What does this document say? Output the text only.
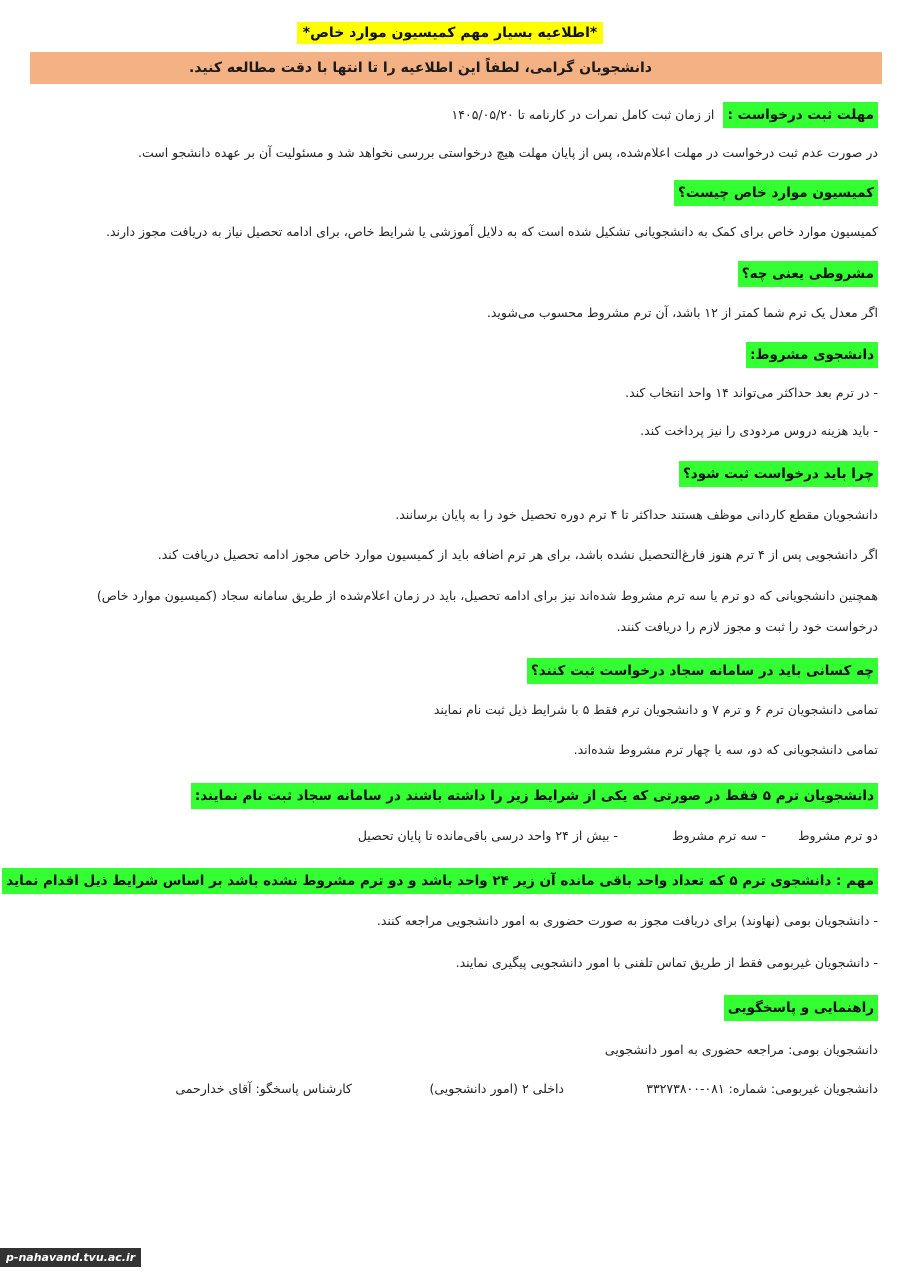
*اطلاعیه بسیار مهم کمیسیون موارد خاص*
دانشجویان گرامی، لطفاً این اطلاعیه را تا انتها با دقت مطالعه کنید.
مهلت ثبت درخواست : از زمان ثبت کامل نمرات در کارنامه تا ۱۴۰۵/۰۵/۲۰
در صورت عدم ثبت درخواست در مهلت اعلام‌شده، پس از پایان مهلت هیچ درخواستی بررسی نخواهد شد و مسئولیت آن بر عهده دانشجو است.
کمیسیون موارد خاص چیست؟
کمیسیون موارد خاص برای کمک به دانشجویانی تشکیل شده است که به دلایل آموزشی یا شرایط خاص، برای ادامه تحصیل نیاز به دریافت مجوز دارند.
مشروطی یعنی چه؟
اگر معدل یک ترم شما کمتر از ۱۲ باشد، آن ترم مشروط محسوب می‌شوید.
دانشجوی مشروط:
- در ترم بعد حداکثر می‌تواند ۱۴ واحد انتخاب کند.
- باید هزینه دروس مردودی را نیز پرداخت کند.
چرا باید درخواست ثبت شود؟
دانشجویان مقطع کاردانی موظف هستند حداکثر تا ۴ ترم دوره تحصیل خود را به پایان برسانند.
اگر دانشجویی پس از ۴ ترم هنوز فارغ‌التحصیل نشده باشد، برای هر ترم اضافه باید از کمیسیون موارد خاص مجوز ادامه تحصیل دریافت کند.
همچنین دانشجویانی که دو ترم یا سه ترم مشروط شده‌اند نیز برای ادامه تحصیل، باید در زمان اعلام‌شده از طریق سامانه سجاد (کمیسیون موارد خاص)
درخواست خود را ثبت و مجوز لازم را دریافت کنند.
چه کسانی باید در سامانه سجاد درخواست ثبت کنند؟
تمامی دانشجویان ترم ۶ و ترم ۷ و دانشجویان ترم فقط ۵ با شرایط ذیل ثبت نام نمایند
تمامی دانشجویانی که دو، سه یا چهار ترم مشروط شده‌اند.
دانشجویان ترم ۵ فقط در صورتی که یکی از شرایط زیر را داشته باشند در سامانه سجاد ثبت نام نمایند:
دو ترم مشروط
- سه ترم مشروط
- بیش از ۲۴ واحد درسی باقی‌مانده تا پایان تحصیل
مهم : دانشجوی ترم ۵ که تعداد واحد باقی مانده آن زیر ۲۴ واحد باشد و دو ترم مشروط نشده باشد بر اساس شرایط ذیل اقدام نماید
- دانشجویان بومی (نهاوند) برای دریافت مجوز به صورت حضوری به امور دانشجویی مراجعه کنند.
- دانشجویان غیربومی فقط از طریق تماس تلفنی با امور دانشجویی پیگیری نمایند.
راهنمایی و پاسخگویی
دانشجویان بومی: مراجعه حضوری به امور دانشجویی
دانشجویان غیربومی: شماره: ۰۸۱-۳۳۲۷۳۸۰۰
داخلی ۲ (امور دانشجویی)
کارشناس پاسخگو: آقای خدارحمی
p-nahavand.tvu.ac.ir
